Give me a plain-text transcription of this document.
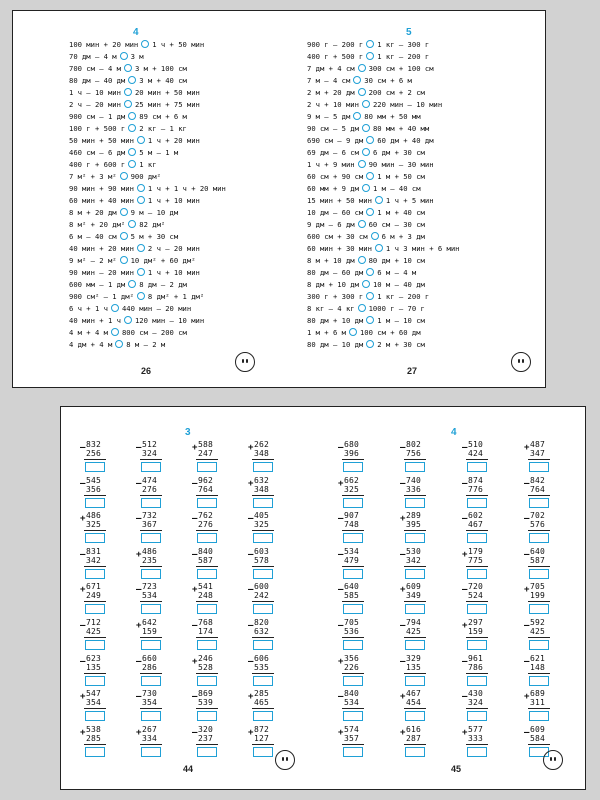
4
100 мин + 20 мин 1 ч + 50 мин
70 дм – 4 м 3 м
700 см – 4 м 3 м + 100 см
80 дм – 40 дм 3 м + 40 см
1 ч – 10 мин 20 мин + 50 мин
2 ч – 20 мин 25 мин + 75 мин
900 см – 1 дм 89 см + 6 м
100 г + 500 г 2 кг – 1 кг
50 мин + 50 мин 1 ч + 20 мин
460 см – 6 дм 5 м – 1 м
400 г + 600 г 1 кг
7 м² + 3 м² 900 дм²
90 мин + 90 мин 1 ч + 1 ч + 20 мин
60 мин + 40 мин 1 ч + 10 мин
8 м + 20 дм 9 м – 10 дм
8 м² + 20 дм² 82 дм²
6 м – 40 см 5 м + 30 см
40 мин + 20 мин 2 ч – 20 мин
9 м² – 2 м² 10 дм² + 60 дм²
90 мин – 20 мин 1 ч + 10 мин
600 мм – 1 дм 8 дм – 2 дм
900 см² – 1 дм² 8 дм² + 1 дм²
6 ч + 1 ч 440 мин – 20 мин
40 мин + 1 ч 120 мин – 10 мин
4 м + 4 м 800 см – 200 см
4 дм + 4 м 8 м – 2 м
26
5
900 г – 200 г 1 кг – 300 г
400 г + 500 г 1 кг – 200 г
7 дм + 4 см 300 см + 100 см
7 м – 4 см 30 см + 6 м
2 м + 20 дм 200 см + 2 см
2 ч + 10 мин 220 мин – 10 мин
9 м – 5 дм 80 мм + 50 мм
90 см – 5 дм 80 мм + 40 мм
690 см – 9 дм 60 дм + 40 дм
69 дм – 6 см 6 дм + 30 см
1 ч + 9 мин 90 мин – 30 мин
60 см + 90 см 1 м + 50 см
60 мм + 9 дм 1 м – 40 см
15 мин + 50 мин 1 ч + 5 мин
10 дм – 60 см 1 м + 40 см
9 дм – 6 дм 60 см – 30 см
600 см + 30 см 6 м + 3 дм
60 мин + 30 мин 1 ч 3 мин + 6 мин
8 м + 10 дм 80 дм + 10 см
80 дм – 60 дм 6 м – 4 м
8 дм + 10 дм 10 м – 40 дм
300 г + 300 г 1 кг – 200 г
8 кг – 4 кг 1000 г – 70 г
80 дм + 10 дм 1 м – 10 см
1 м + 6 м 100 см + 60 дм
80 дм – 10 дм 2 м + 30 см
27
3
– 832
256
– 512
324
+ 588
247
+ 262
348
– 545
356
– 474
276
– 962
764
+ 632
348
+ 486
325
– 732
367
– 762
276
– 405
325
– 831
342
+ 486
235
– 840
587
– 603
578
+ 671
249
– 723
534
+ 541
248
– 600
242
– 712
425
+ 642
159
– 768
174
– 820
632
– 623
135
– 660
286
+ 246
528
– 606
535
+ 547
354
– 730
354
– 869
539
+ 285
465
+ 538
285
+ 267
334
– 320
237
+ 872
127
44
4
– 680
396
– 802
756
– 510
424
+ 487
347
+ 662
325
– 740
336
– 874
776
– 842
764
– 907
748
+ 289
395
– 602
467
– 702
576
– 534
479
– 530
342
+ 179
775
– 640
587
– 640
585
+ 609
349
– 720
524
+ 705
199
– 705
536
– 794
425
+ 297
159
– 592
425
+ 356
226
– 329
135
– 961
786
– 621
148
– 840
534
+ 467
454
– 430
324
+ 689
311
+ 574
357
+ 616
287
+ 577
333
– 609
584
45
